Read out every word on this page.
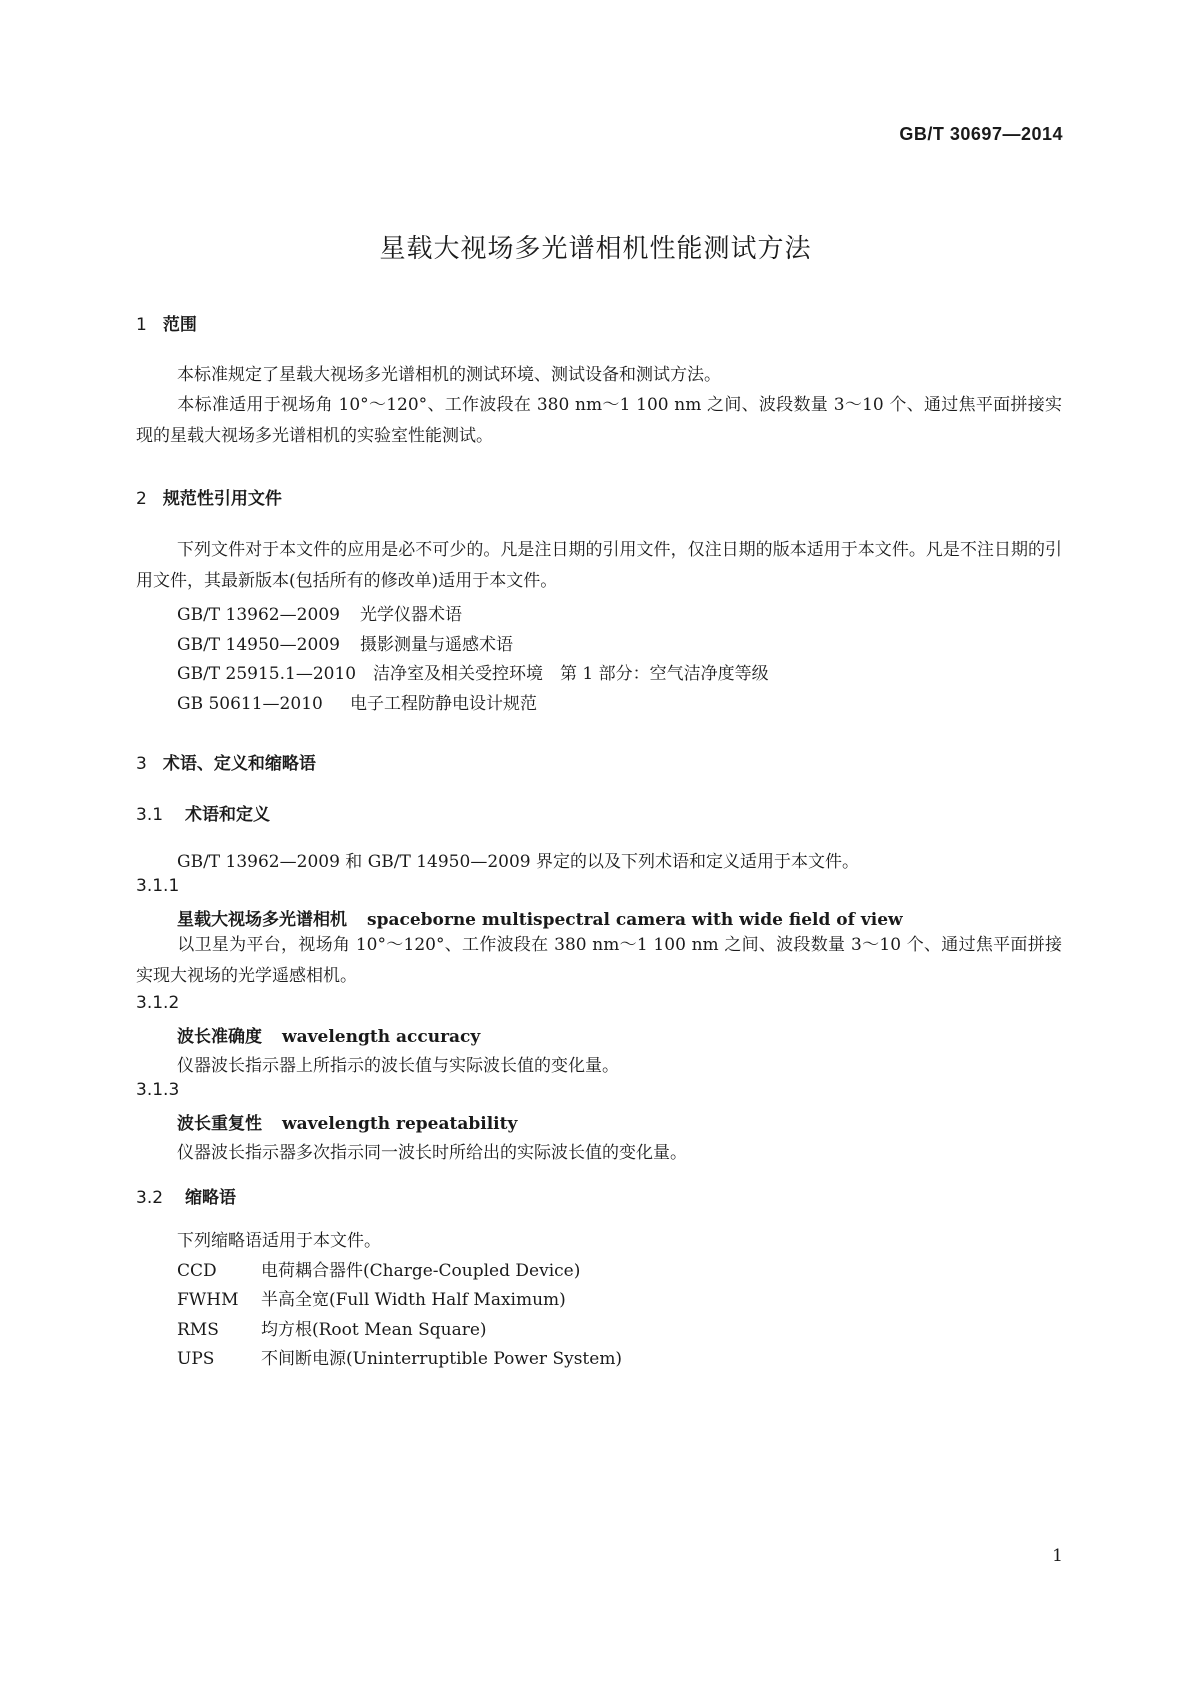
GB/T 30697—2014
星载大视场多光谱相机性能测试方法
1 范围
本标准规定了星载大视场多光谱相机的测试环境、测试设备和测试方法。
本标准适用于视场角 10°～120°、工作波段在 380 nm～1 100 nm 之间、波段数量 3～10 个、通过焦平面拼接实现的星载大视场多光谱相机的实验室性能测试。
2 规范性引用文件
下列文件对于本文件的应用是必不可少的。凡是注日期的引用文件，仅注日期的版本适用于本文件。凡是不注日期的引用文件，其最新版本(包括所有的修改单)适用于本文件。
GB/T 13962—2009 光学仪器术语
GB/T 14950—2009 摄影测量与遥感术语
GB/T 25915.1—2010 洁净室及相关受控环境　第 1 部分：空气洁净度等级
GB 50611—2010 电子工程防静电设计规范
3 术语、定义和缩略语
3.1 术语和定义
GB/T 13962—2009 和 GB/T 14950—2009 界定的以及下列术语和定义适用于本文件。
3.1.1
星载大视场多光谱相机 spaceborne multispectral camera with wide field of view
以卫星为平台，视场角 10°～120°、工作波段在 380 nm～1 100 nm 之间、波段数量 3～10 个、通过焦平面拼接实现大视场的光学遥感相机。
3.1.2
波长准确度 wavelength accuracy
仪器波长指示器上所指示的波长值与实际波长值的变化量。
3.1.3
波长重复性 wavelength repeatability
仪器波长指示器多次指示同一波长时所给出的实际波长值的变化量。
3.2 缩略语
下列缩略语适用于本文件。
CCD	电荷耦合器件(Charge-Coupled Device)
FWHM 半高全宽(Full Width Half Maximum)
RMS 均方根(Root Mean Square)
UPS	不间断电源(Uninterruptible Power System)
1
